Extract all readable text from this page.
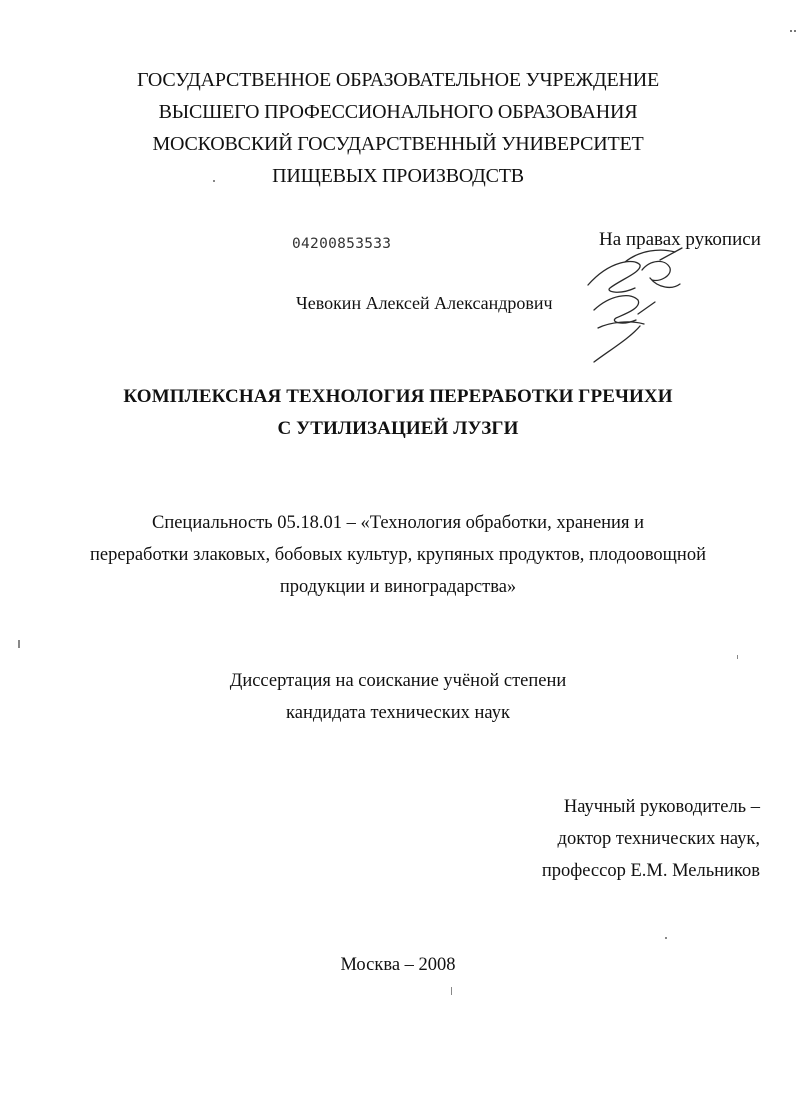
ГОСУДАРСТВЕННОЕ ОБРАЗОВАТЕЛЬНОЕ УЧРЕЖДЕНИЕ
ВЫСШЕГО ПРОФЕССИОНАЛЬНОГО ОБРАЗОВАНИЯ
МОСКОВСКИЙ ГОСУДАРСТВЕННЫЙ УНИВЕРСИТЕТ
ПИЩЕВЫХ ПРОИЗВОДСТВ
04200853533	На правах рукописи
Чевокин Алексей Александрович
КОМПЛЕКСНАЯ ТЕХНОЛОГИЯ ПЕРЕРАБОТКИ ГРЕЧИХИ
С УТИЛИЗАЦИЕЙ ЛУЗГИ
Специальность 05.18.01 – «Технология обработки, хранения и
переработки злаковых, бобовых культур, крупяных продуктов, плодоовощной
продукции и виноградарства»
Диссертация на соискание учёной степени
кандидата технических наук
Научный руководитель –
доктор технических наук,
профессор Е.М. Мельников
Москва – 2008
